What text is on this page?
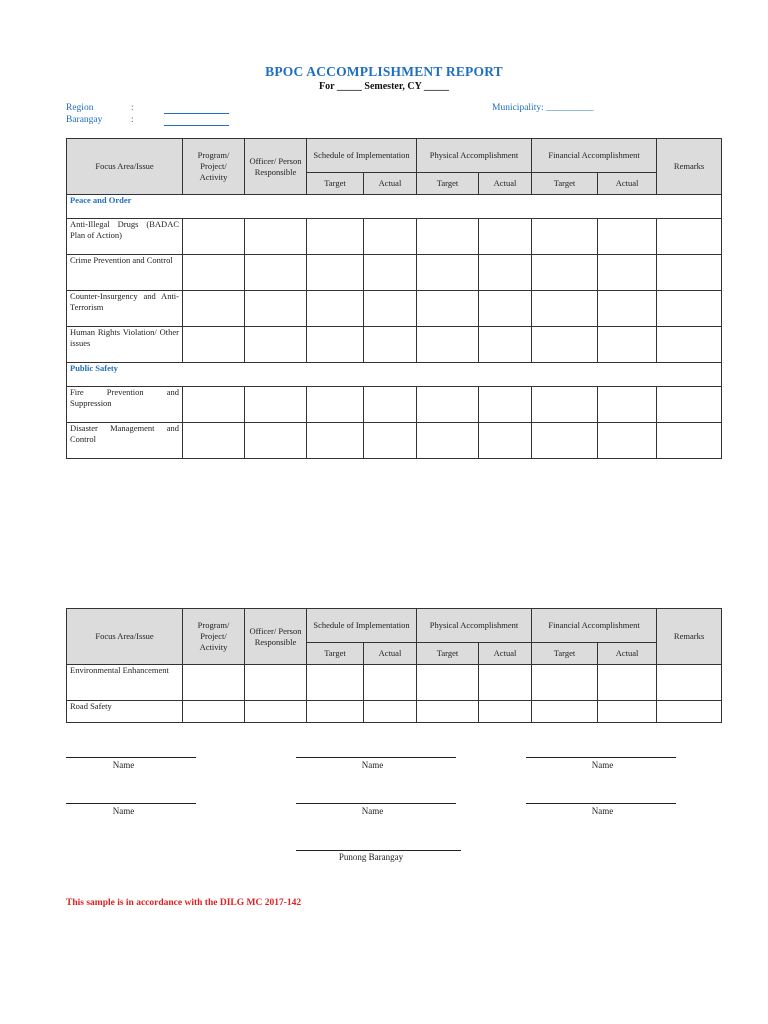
BPOC ACCOMPLISHMENT REPORT
For _____ Semester, CY _____
Region	:
Barangay	:
Municipality: __________
Focus Area/Issue	Program/ Project/ Activity	Officer/ Person Responsible	Schedule of Implementation		Physical Accomplishment		Financial Accomplishment		Remarks
			Target	Actual	Target	Actual	Target	Actual	
Peace and Order									
Anti-Illegal Drugs (BADAC Plan of Action)									
Crime Prevention and Control									
Counter-Insurgency and Anti-Terrorism									
Human Rights Violation/ Other issues									
Public Safety									
Fire Prevention and Suppression									
Disaster Management and Control									
Focus Area/Issue	Program/ Project/ Activity	Officer/ Person Responsible	Schedule of Implementation		Physical Accomplishment		Financial Accomplishment		Remarks
			Target	Actual	Target	Actual	Target	Actual	
Environmental Enhancement									
Road Safety									
Name	Name	Name
Name	Name	Name
Punong Barangay
This sample is in accordance with the DILG MC 2017-142
